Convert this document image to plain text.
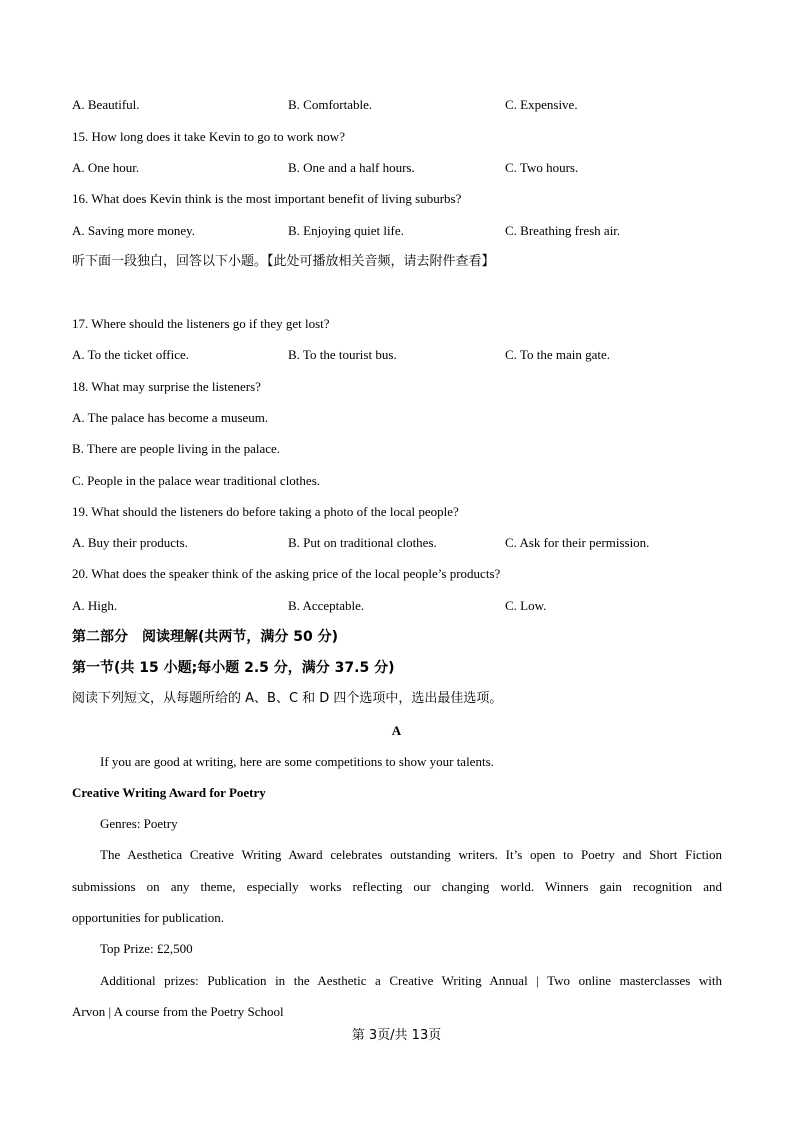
A. Beautiful.	B. Comfortable.	C. Expensive.
15. How long does it take Kevin to go to work now?
A. One hour.	B. One and a half hours.	C. Two hours.
16. What does Kevin think is the most important benefit of living suburbs?
A. Saving more money.	B. Enjoying quiet life.	C. Breathing fresh air.
听下面一段独白，回答以下小题。【此处可播放相关音频，请去附件查看】
17. Where should the listeners go if they get lost?
A. To the ticket office.	B. To the tourist bus.	C. To the main gate.
18. What may surprise the listeners?
A. The palace has become a museum.
B. There are people living in the palace.
C. People in the palace wear traditional clothes.
19. What should the listeners do before taking a photo of the local people?
A. Buy their products.	B. Put on traditional clothes.	C. Ask for their permission.
20. What does the speaker think of the asking price of the local people’s products?
A. High.	B. Acceptable.	C. Low.
第二部分　阅读理解(共两节，满分 50 分)
第一节(共 15 小题;每小题 2.5 分，满分 37.5 分)
阅读下列短文，从每题所给的 A、B、C 和 D 四个选项中，选出最佳选项。
A
If you are good at writing, here are some competitions to show your talents.
Creative Writing Award for Poetry
Genres: Poetry
The Aesthetica Creative Writing Award celebrates outstanding writers. It’s open to Poetry and Short Fiction
submissions on any theme, especially works reflecting our changing world. Winners gain recognition and
opportunities for publication.
Top Prize: £2,500
Additional prizes: Publication in the Aesthetic a Creative Writing Annual | Two online masterclasses with
Arvon | A course from the Poetry School
第 3页/共 13页
